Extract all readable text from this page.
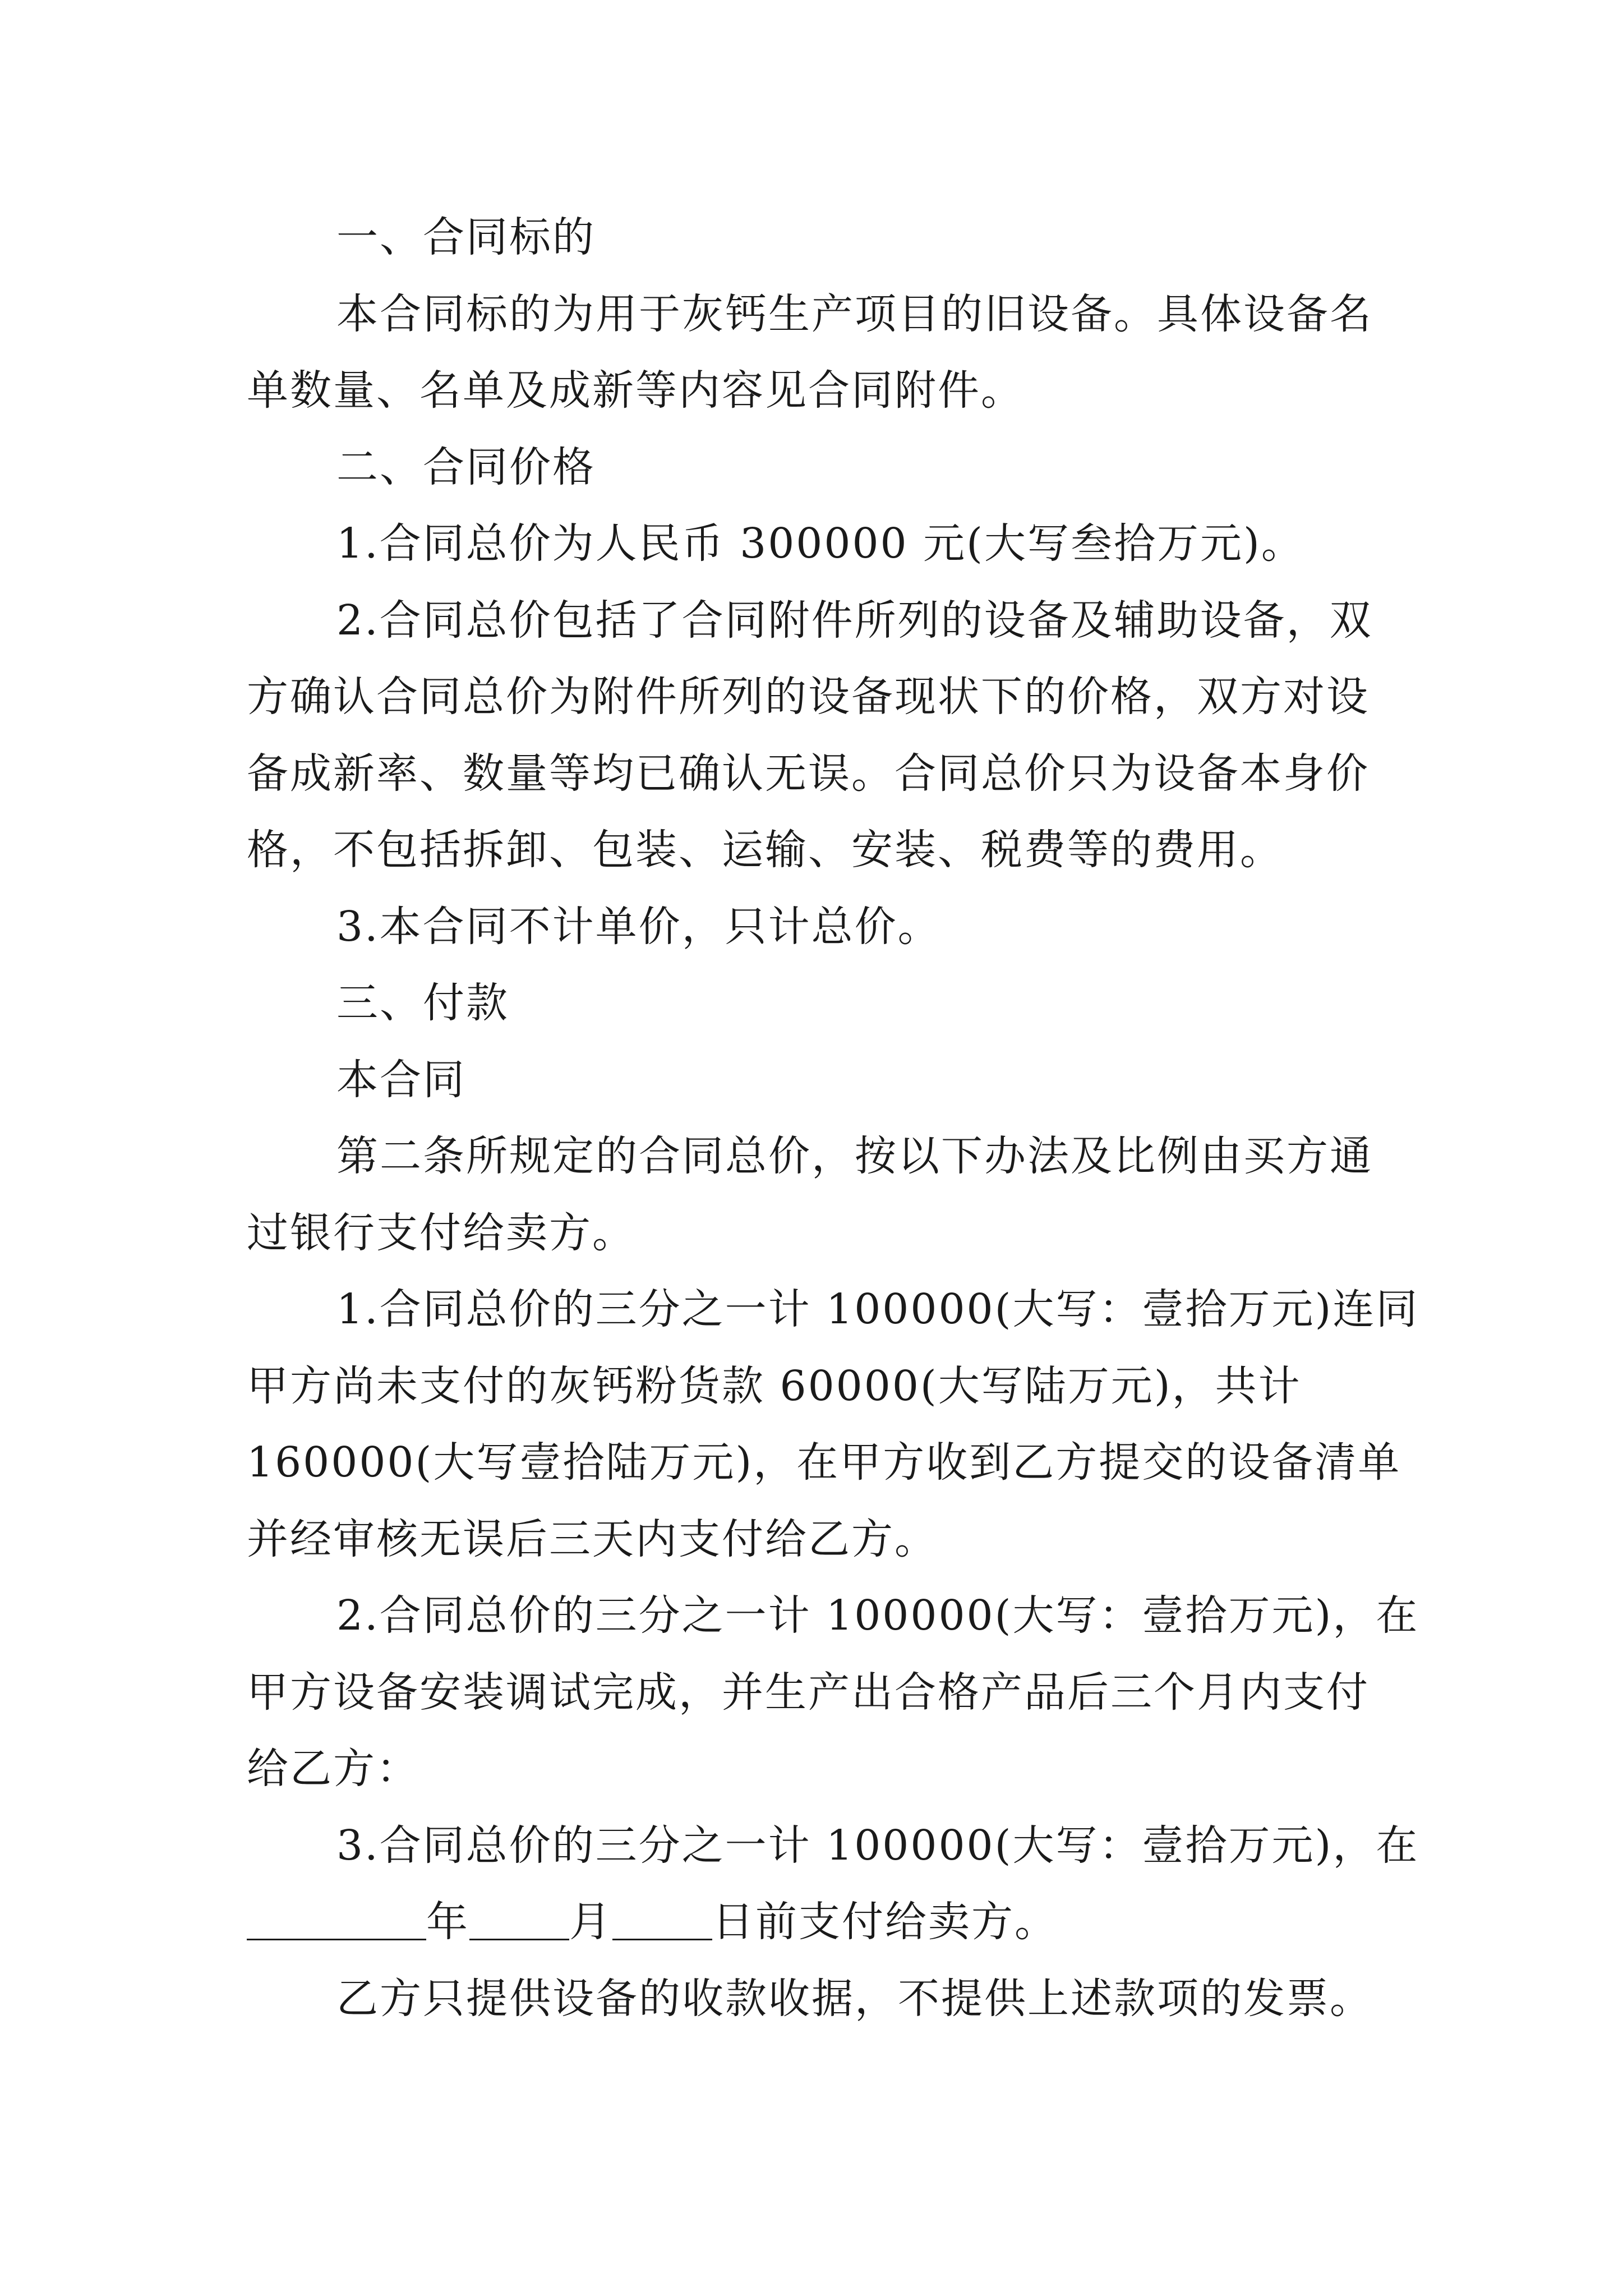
一、合同标的
本合同标的为用于灰钙生产项目的旧设备。具体设备名
单数量、名单及成新等内容见合同附件。
二、合同价格
1.合同总价为人民币 300000 元(大写叁拾万元)。
2.合同总价包括了合同附件所列的设备及辅助设备，双
方确认合同总价为附件所列的设备现状下的价格，双方对设
备成新率、数量等均已确认无误。合同总价只为设备本身价
格，不包括拆卸、包装、运输、安装、税费等的费用。
3.本合同不计单价，只计总价。
三、付款
本合同
第二条所规定的合同总价，按以下办法及比例由买方通
过银行支付给卖方。
1.合同总价的三分之一计 100000(大写：壹拾万元)连同
甲方尚未支付的灰钙粉货款 60000(大写陆万元)，共计
160000(大写壹拾陆万元)，在甲方收到乙方提交的设备清单
并经审核无误后三天内支付给乙方。
2.合同总价的三分之一计 100000(大写：壹拾万元)，在
甲方设备安装调试完成，并生产出合格产品后三个月内支付
给乙方：
3.合同总价的三分之一计 100000(大写：壹拾万元)，在
年 月 日前支付给卖方。
乙方只提供设备的收款收据，不提供上述款项的发票。
